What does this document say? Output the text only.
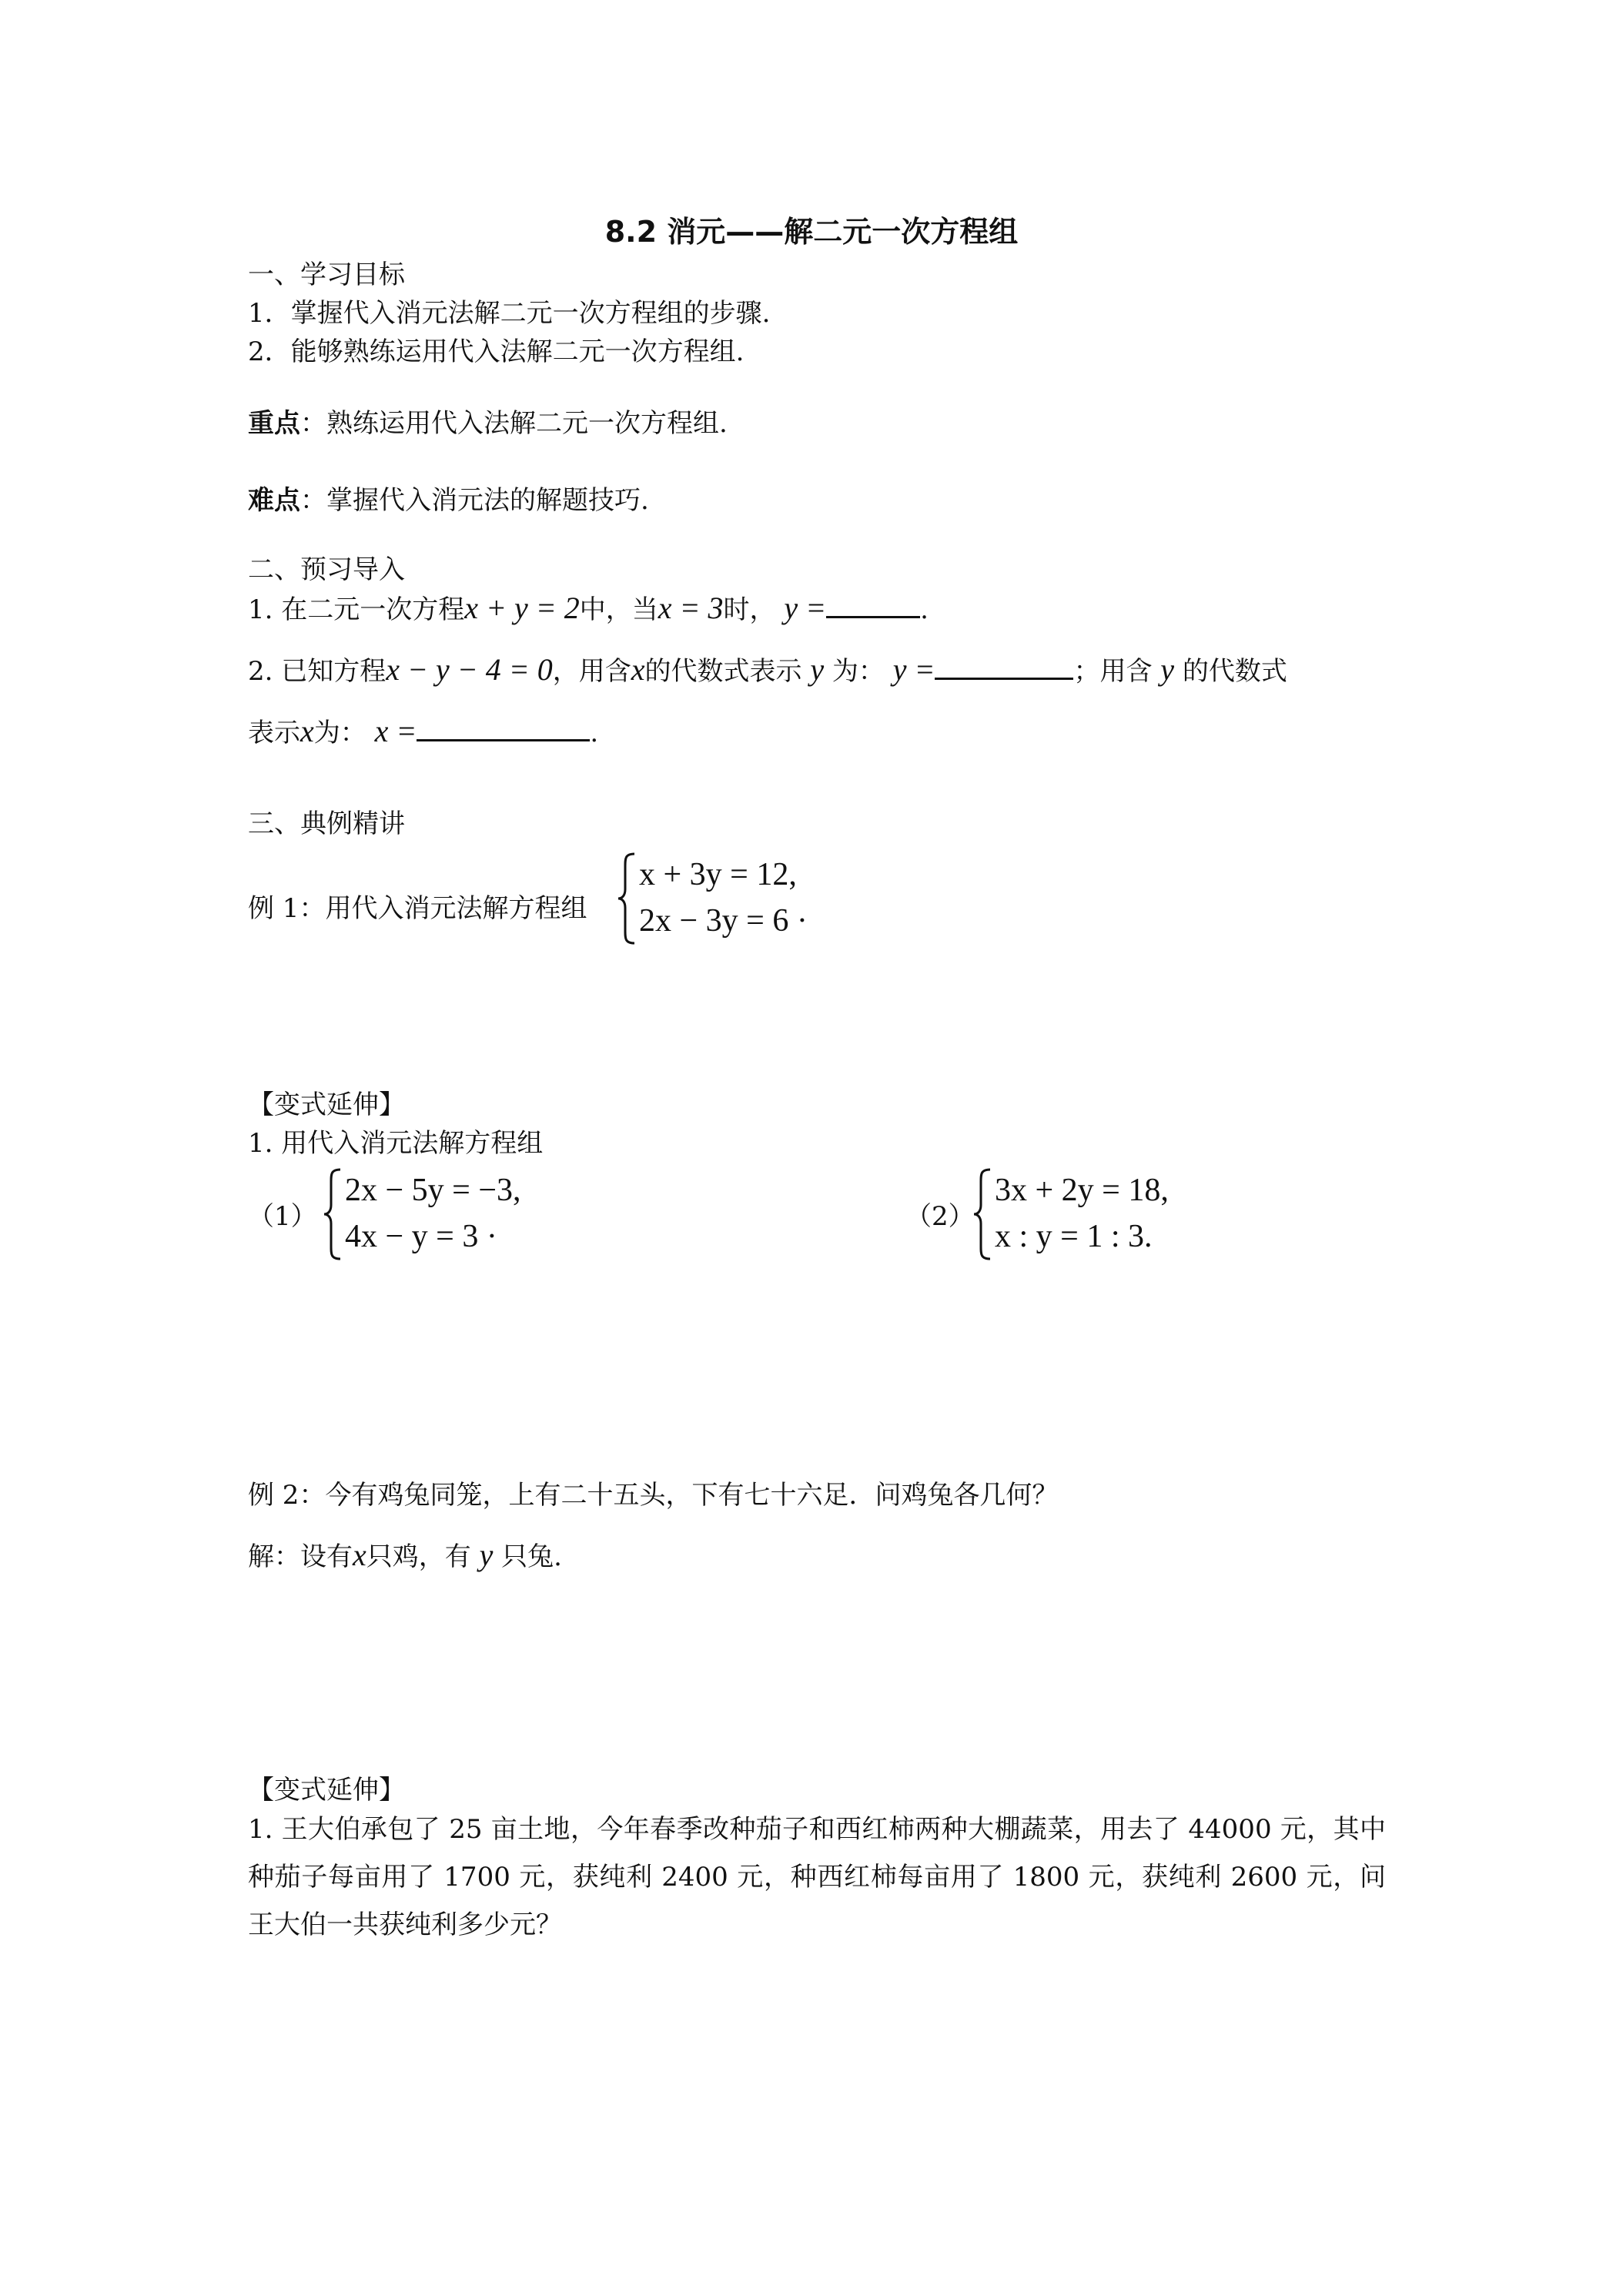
8.2 消元——解二元一次方程组
一、学习目标
1．掌握代入消元法解二元一次方程组的步骤.
2．能够熟练运用代入法解二元一次方程组.
重点：熟练运用代入法解二元一次方程组.
难点：掌握代入消元法的解题技巧.
二、预习导入
1. 在二元一次方程x + y = 2中，当x = 3时， y =	.
2. 已知方程x − y − 4 = 0，用含x的代数式表示 y 为： y =	；用含 y 的代数式
表示x为： x =	.
三、典例精讲
例 1：用代入消元法解方程组
x + 3y = 12,
2x − 3y = 6 ·
【变式延伸】
1. 用代入消元法解方程组
（1）
2x − 5y = −3,
4x − y = 3 ·
（2）
3x + 2y = 18,
x : y = 1 : 3.
例 2：今有鸡兔同笼，上有二十五头，下有七十六足．问鸡兔各几何？
解：设有x只鸡，有 y 只兔.
【变式延伸】
1. 王大伯承包了 25 亩土地，今年春季改种茄子和西红柿两种大棚蔬菜，用去了 44000 元，其中种茄子每亩用了 1700 元，获纯利 2400 元，种西红柿每亩用了 1800 元，获纯利 2600 元，问王大伯一共获纯利多少元？
